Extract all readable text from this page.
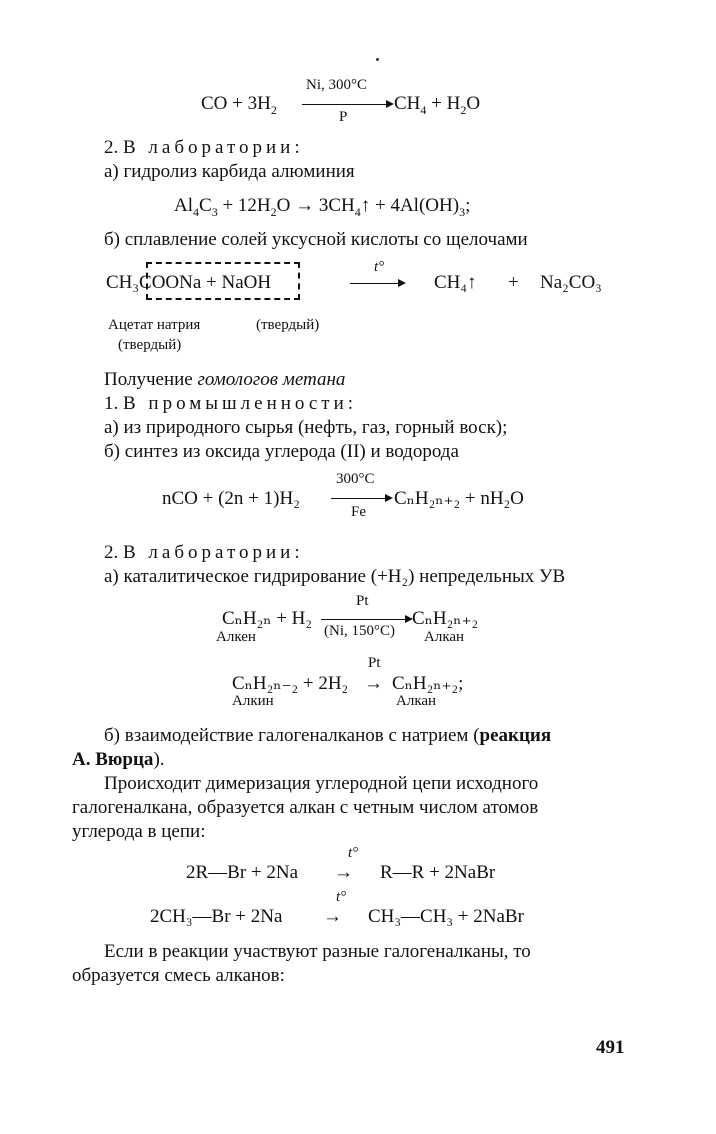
CO + $3H_2$
Ni, 300°C
P
$CH_4 + H_2O$
2. В лаборатории:
а) гидролиз карбида алюминия
$Al_4C_3 + 12H_2O$ → $3CH_4↑ + 4Al(OH)_3$;
б) сплавление солей уксусной кислоты со щелочами
CH₃COONa + NaOH
t°
CH₄↑ + Na₂CO₃
Ацетат натрия	(твердый)
(твердый)
Получение гомологов метана
1. В промышленности:
а) из природного сырья (нефть, газ, горный воск);
б) синтез из оксида углерода (II) и водорода
nCO + (2n + 1)H₂
300°C
Fe
CₙH₂ₙ₊₂ + nH₂O
2. В лаборатории:
а) каталитическое гидрирование (+H₂) непредельных УВ
CₙH₂ₙ + H₂
Pt
(Ni, 150°C)
CₙH₂ₙ₊₂
Алкен	Алкан
Pt
CₙH₂ₙ₋₂ + 2H₂ → CₙH₂ₙ₊₂;
Алкин	Алкан
б) взаимодействие галогеналканов с натрием (реакция
А. Вюрца).
Происходит димеризация углеродной цепи исходного
галогеналкана, образуется алкан с четным числом атомов
углерода в цепи:
t°
2R—Br + 2Na → R—R + 2NaBr
t°
2CH₃—Br + 2Na → CH₃—CH₃ + 2NaBr
Если в реакции участвуют разные галогеналканы, то
образуется смесь алканов:
491
